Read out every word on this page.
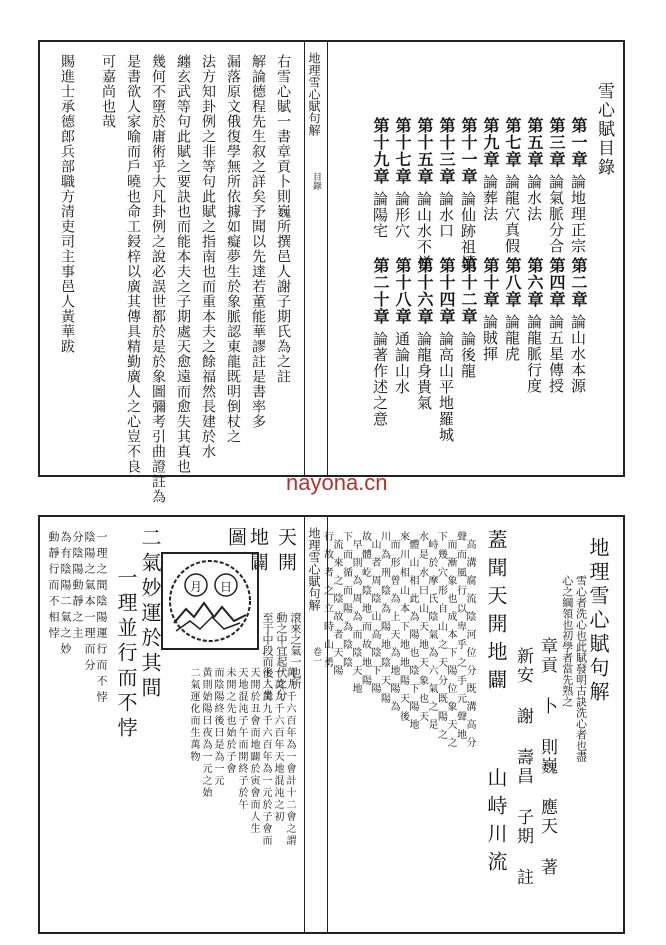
地理雪心賦句解
目錄
雪心賦目錄
第一章論地理正宗
第二章論山水本源
第三章論氣脈分合
第四章論五星傳授
第五章論水法
第六章論龍脈行度
第七章論龍穴真假
第八章論龍虎
第九章論葬法
第十章論賊揮
第十一章論仙跡祖墳
第十二章論後龍
第十三章論水口
第十四章論高山平地羅城
第十五章論山水不祥
第十六章論龍身貴氣
第十七章論形穴
第十八章通論山水
第十九章論陽宅
第二十章論著作述之意
右雪心賦一書章貢卜則巍所撰邑人謝子期氏為之註
解論德程先生叙之詳矣予聞以先達若董能華謬註是書率多
漏落原文俄復學無所依據如癡夢生於象脈認東龍既明倒杖之
法方知卦例之非等句此賦之指南也而重本夫之餘福然長建於水
纏玄武等句此賦之要訣也而能本夫之子期處天愈遠而愈失其真也
幾何不墮於庸術乎大凡卦例之說必誤世都於是於象圖彌考引曲證註為
是書欲人家喻而戶曉也命工鋟梓以廣其傳具精勤廣人之心豈不良
可嘉尚也哉
賜進士承德郎兵部職方清吏司主事邑人黃華跋
nayona.cn
地理雪心賦句解
卷一	地理雪心賦句解
雪心者洗心也此賦發明古訣洗心者也盡心之綱領也初學者當先熟之
章貢 卜 則巍 應天 著
新安 謝 壽昌 子期 註
蓋聞天開地闢
山峙川流
高溝腐流陰河位分既溝高分
聲而風行以卑乎之手元聲地
而漸象也成本下陽位象天之
下幾穴形自山之天分既陽之
峙於摩氏陰氣為六氣之是
水是水曰山天地天象也天
體山相此為陽也陰下陽地
來川相山本下地地陽天後
而形曾為上天為地陽為
川為刑陰為陽地陰天陽
山者周陰山高陰下陽
故體屹陰地而故地陽
早則為周為而陰天地
下而循而陽為陰陰
流來之陰故者天陽
行故者之立時山勇
天開
地闢
圖
滾來之氣一也所
動之中宜起伏之分
至于中段而後人坐
月 日
萬九千六百年為一會計十二會之謂
一萬九千六百年天地混沌之初
十二萬九千六百年為一元於子會而
天開於丑會而地闢於寅會而人生
天地混沌子午而開終子於午
未開之先也始於子會
而陰陽終後曰是為一元
黃則始陽曰夜為一元之始
二氣運化而生萬物
二氣妙運於其間
一理並行而不悖
一理之間陰陽運行而不悖
陰陽之氣本一理而分
分陰陽動靜之主
為有陰陽二氣之妙
動靜行而不相悖
